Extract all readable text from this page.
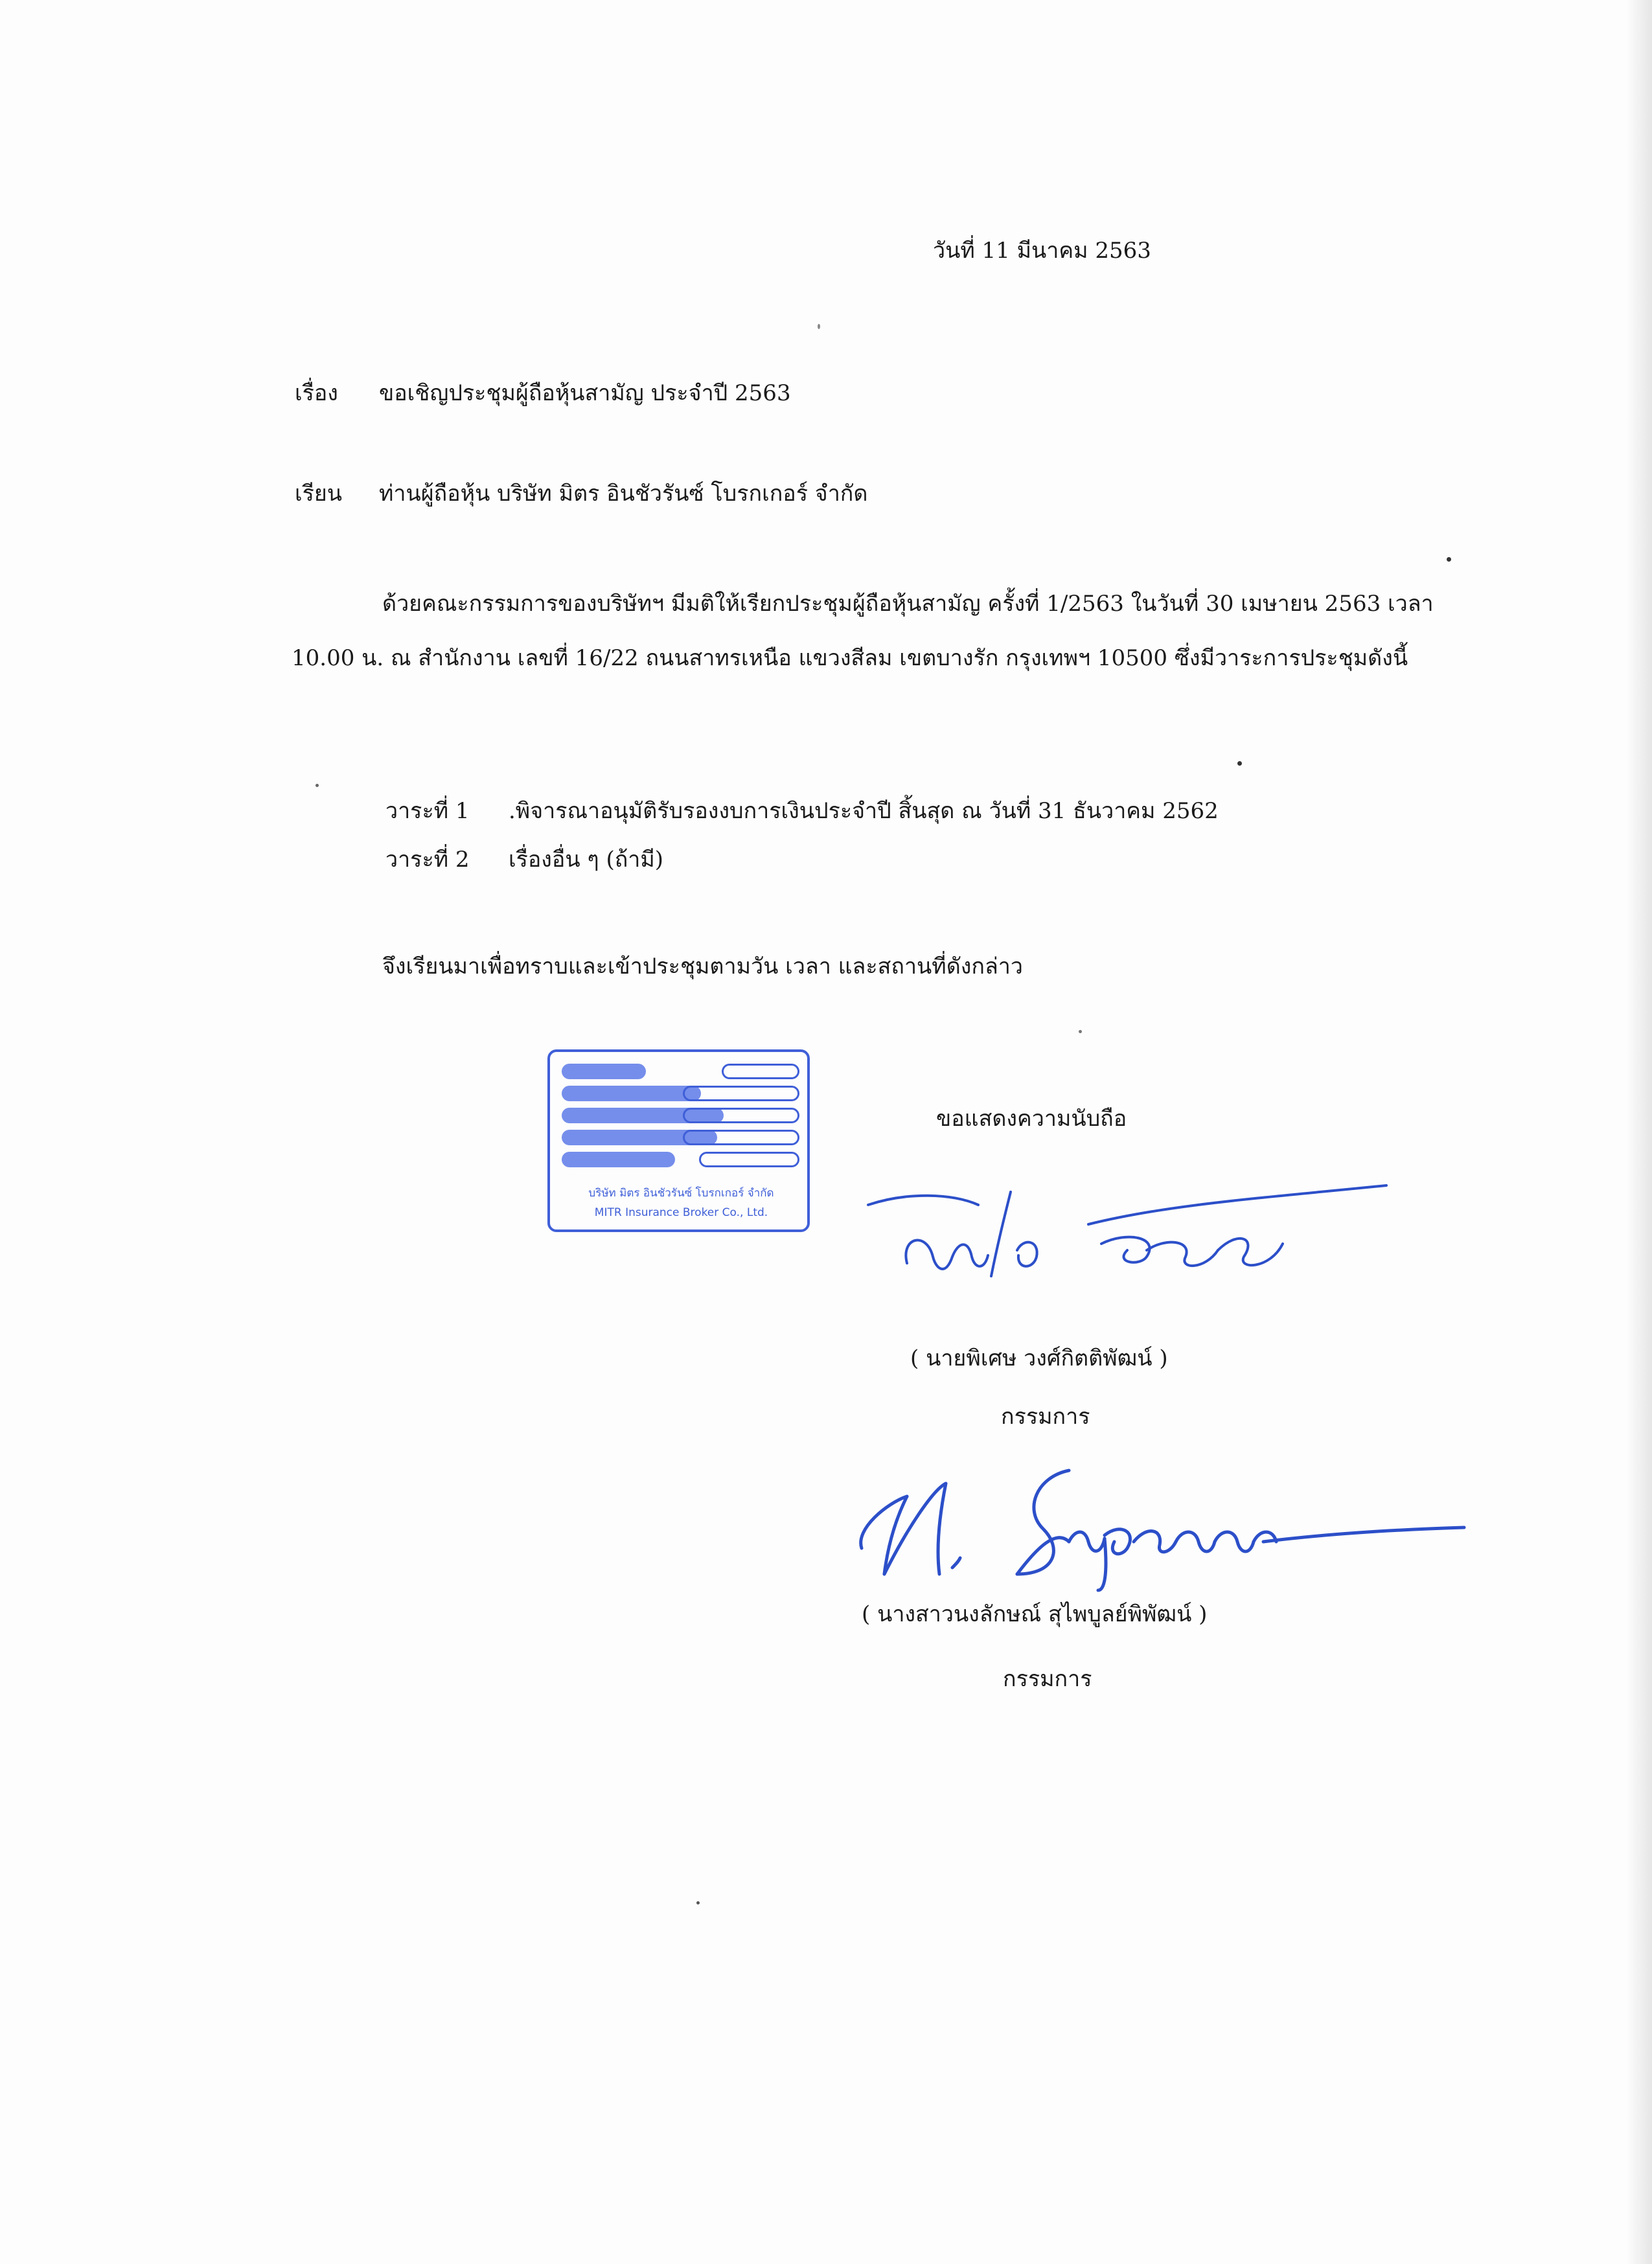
วันที่ 11 มีนาคม 2563
เรื่อง ขอเชิญประชุมผู้ถือหุ้นสามัญ ประจำปี 2563
เรียน ท่านผู้ถือหุ้น บริษัท มิตร อินชัวรันซ์ โบรกเกอร์ จำกัด
ด้วยคณะกรรมการของบริษัทฯ มีมติให้เรียกประชุมผู้ถือหุ้นสามัญ ครั้งที่ 1/2563 ในวันที่ 30 เมษายน 2563 เวลา 10.00 น. ณ สำนักงาน เลขที่ 16/22 ถนนสาทรเหนือ แขวงสีลม เขตบางรัก กรุงเทพฯ 10500 ซึ่งมีวาระการประชุมดังนี้
วาระที่ 1 .พิจารณาอนุมัติรับรองงบการเงินประจำปี สิ้นสุด ณ วันที่ 31 ธันวาคม 2562
วาระที่ 2 เรื่องอื่น ๆ (ถ้ามี)
จึงเรียนมาเพื่อทราบและเข้าประชุมตามวัน เวลา และสถานที่ดังกล่าว
บริษัท มิตร อินชัวรันซ์ โบรกเกอร์ จำกัด
MITR Insurance Broker Co., Ltd.
ขอแสดงความนับถือ
( นายพิเศษ วงศ์กิตติพัฒน์ )
กรรมการ
( นางสาวนงลักษณ์ สุไพบูลย์พิพัฒน์ )
กรรมการ
